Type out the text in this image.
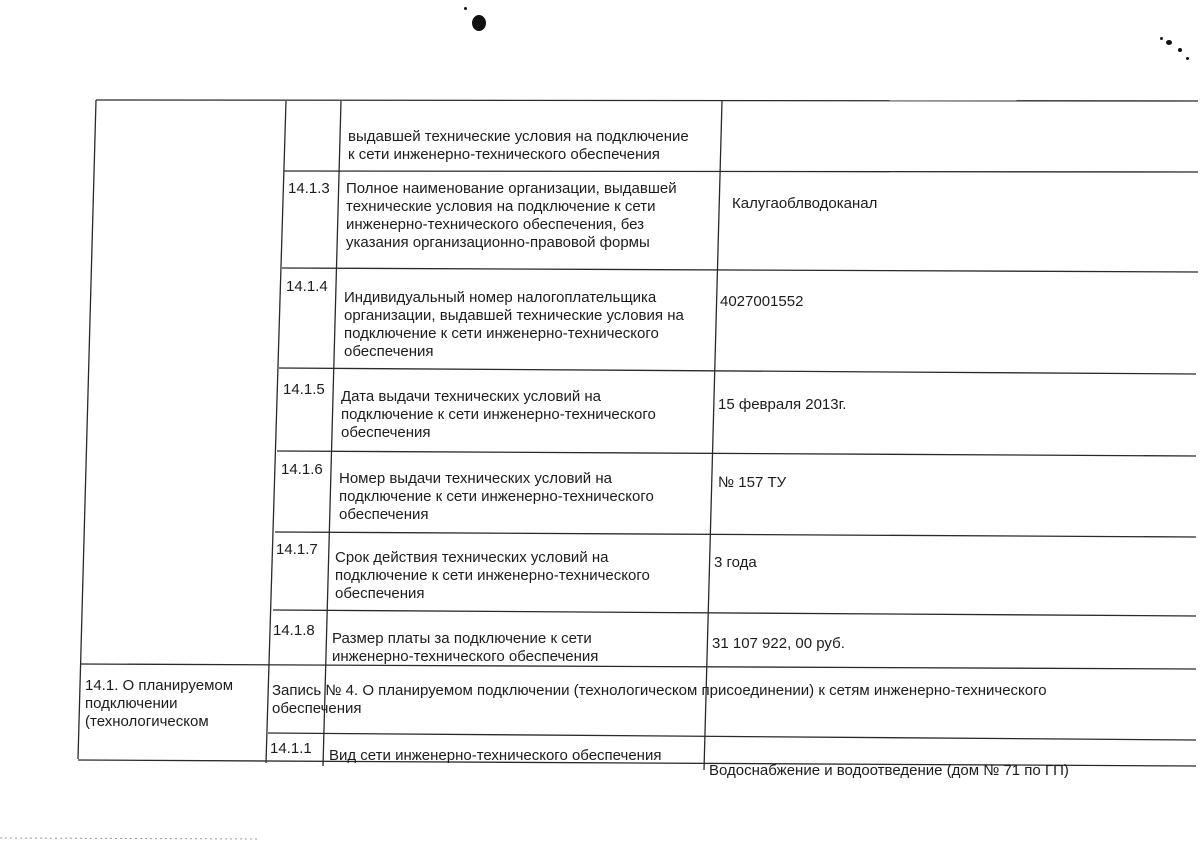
выдавшей технические условия на подключение
к сети инженерно-технического обеспечения
14.1.3 Полное наименование организации, выдавшей
технические условия на подключение к сети
инженерно-технического обеспечения, без
указания организационно-правовой формы
Калугаоблводоканал
14.1.4
Индивидуальный номер налогоплательщика
организации, выдавшей технические условия на
подключение к сети инженерно-технического
обеспечения
4027001552
14.1.5 Дата выдачи технических условий на
подключение к сети инженерно-технического
обеспечения
15 февраля 2013г.
14.1.6
Номер выдачи технических условий на
подключение к сети инженерно-технического
обеспечения
№ 157 ТУ
14.1.7 Срок действия технических условий на
подключение к сети инженерно-технического
обеспечения
3 года
14.1.8 Размер платы за подключение к сети
инженерно-технического обеспечения
31 107 922, 00 руб.
14.1. О планируемом
подключении
(технологическом
Запись № 4. О планируемом подключении (технологическом присоединении) к сетям инженерно-технического
обеспечения
14.1.1 Вид сети инженерно-технического обеспечения
Водоснабжение и водоотведение (дом № 71 по ГП)
